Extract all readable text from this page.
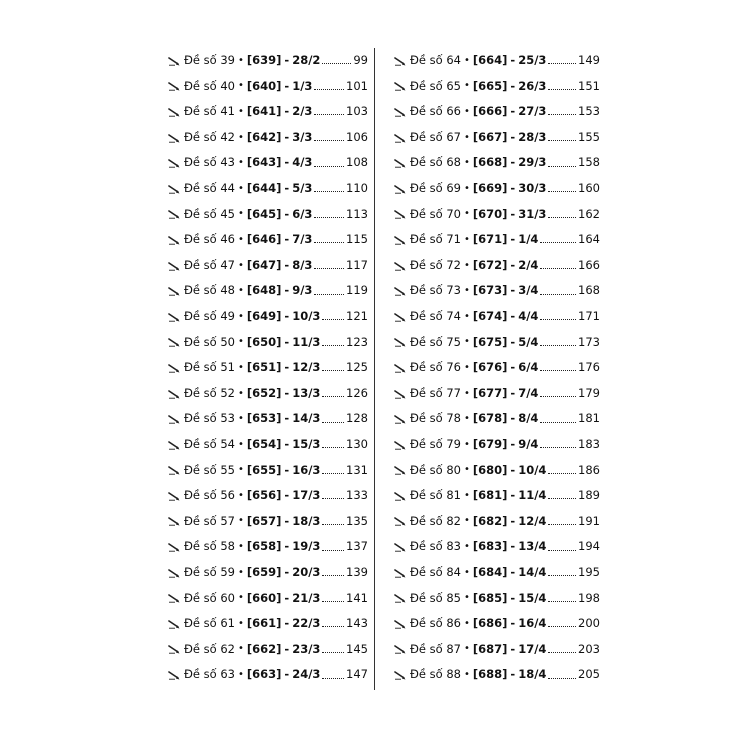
Đề số 39 • [639] - 28/2	99
Đề số 40 • [640] - 1/3	101
Đề số 41 • [641] - 2/3	103
Đề số 42 • [642] - 3/3	106
Đề số 43 • [643] - 4/3	108
Đề số 44 • [644] - 5/3	110
Đề số 45 • [645] - 6/3	113
Đề số 46 • [646] - 7/3	115
Đề số 47 • [647] - 8/3	117
Đề số 48 • [648] - 9/3	119
Đề số 49 • [649] - 10/3 121
Đề số 50 • [650] - 11/3 123
Đề số 51 • [651] - 12/3 125
Đề số 52 • [652] - 13/3 126
Đề số 53 • [653] - 14/3 128
Đề số 54 • [654] - 15/3 130
Đề số 55 • [655] - 16/3 131
Đề số 56 • [656] - 17/3 133
Đề số 57 • [657] - 18/3 135
Đề số 58 • [658] - 19/3 137
Đề số 59 • [659] - 20/3 139
Đề số 60 • [660] - 21/3 141
Đề số 61 • [661] - 22/3 143
Đề số 62 • [662] - 23/3 145
Đề số 63 • [663] - 24/3 147
Đề số 64 • [664] - 25/3	149
Đề số 65 • [665] - 26/3	151
Đề số 66 • [666] - 27/3	153
Đề số 67 • [667] - 28/3	155
Đề số 68 • [668] - 29/3	158
Đề số 69 • [669] - 30/3	160
Đề số 70 • [670] - 31/3	162
Đề số 71 • [671] - 1/4	164
Đề số 72 • [672] - 2/4	166
Đề số 73 • [673] - 3/4	168
Đề số 74 • [674] - 4/4	171
Đề số 75 • [675] - 5/4	173
Đề số 76 • [676] - 6/4	176
Đề số 77 • [677] - 7/4	179
Đề số 78 • [678] - 8/4	181
Đề số 79 • [679] - 9/4	183
Đề số 80 • [680] - 10/4	186
Đề số 81 • [681] - 11/4	189
Đề số 82 • [682] - 12/4	191
Đề số 83 • [683] - 13/4	194
Đề số 84 • [684] - 14/4	195
Đề số 85 • [685] - 15/4	198
Đề số 86 • [686] - 16/4	200
Đề số 87 • [687] - 17/4	203
Đề số 88 • [688] - 18/4	205
